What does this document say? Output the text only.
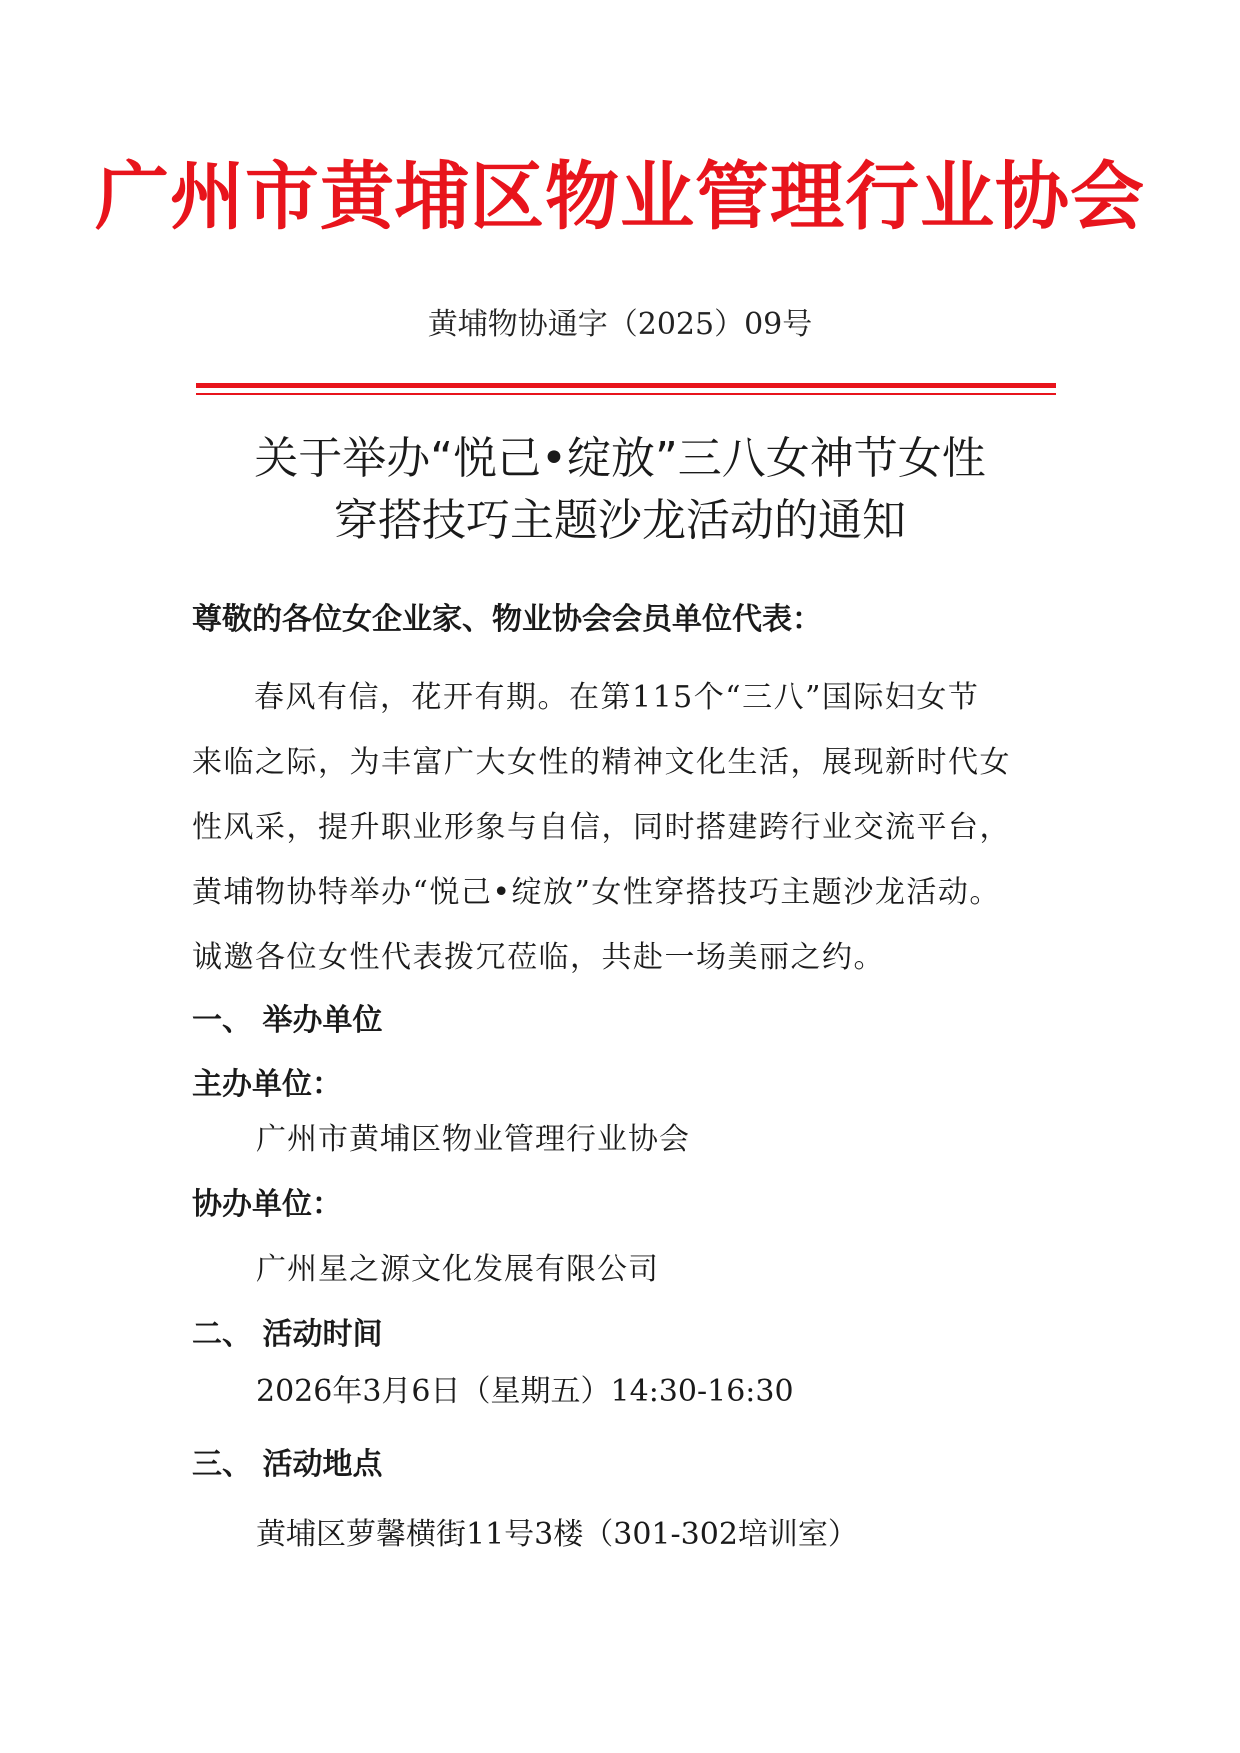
广州市黄埔区物业管理行业协会
黄埔物协通字（2025）09号
关于举办“悦己•绽放”三八女神节女性
穿搭技巧主题沙龙活动的通知
尊敬的各位女企业家、物业协会会员单位代表：
春风有信，花开有期。在第115个“三八”国际妇女节
来临之际，为丰富广大女性的精神文化生活，展现新时代女
性风采，提升职业形象与自信，同时搭建跨行业交流平台，
黄埔物协特举办“悦己•绽放”女性穿搭技巧主题沙龙活动。
诚邀各位女性代表拨冗莅临，共赴一场美丽之约。
一、 举办单位
主办单位：
广州市黄埔区物业管理行业协会
协办单位：
广州星之源文化发展有限公司
二、 活动时间
2026年3月6日（星期五）14:30-16:30
三、 活动地点
黄埔区萝馨横街11号3楼（301-302培训室）
